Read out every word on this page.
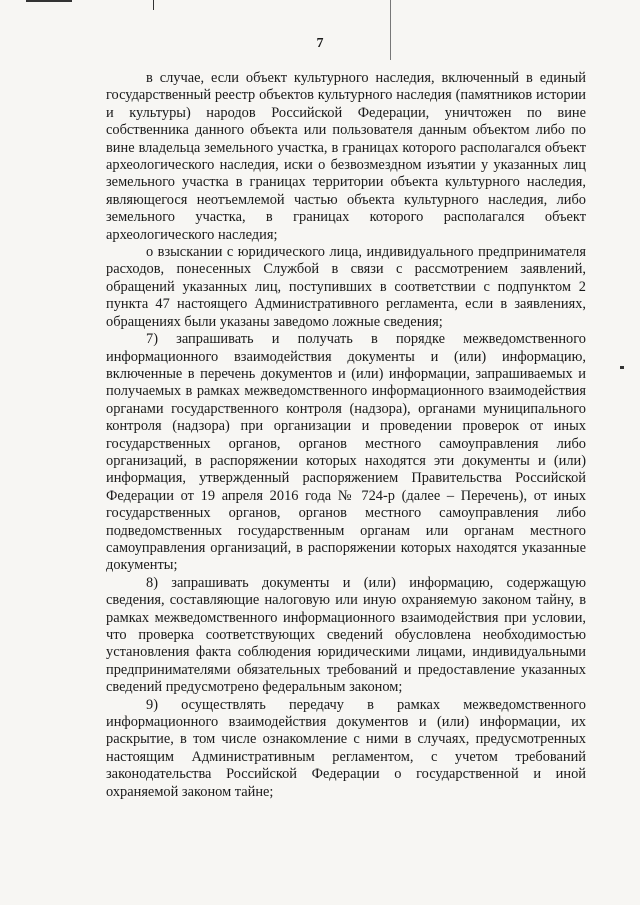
7

в случае, если объект культурного наследия, включенный в единый государственный реестр объектов культурного наследия (памятников истории и культуры) народов Российской Федерации, уничтожен по вине собственника данного объекта или пользователя данным объектом либо по вине владельца земельного участка, в границах которого располагался объект археологического наследия, иски о безвозмездном изъятии у указанных лиц земельного участка в границах территории объекта культурного наследия, являющегося неотъемлемой частью объекта культурного наследия, либо земельного участка, в границах которого располагался объект археологического наследия;

о взыскании с юридического лица, индивидуального предпринимателя расходов, понесенных Службой в связи с рассмотрением заявлений, обращений указанных лиц, поступивших в соответствии с подпунктом 2 пункта 47 настоящего Административного регламента, если в заявлениях, обращениях были указаны заведомо ложные сведения;

7) запрашивать и получать в порядке межведомственного информационного взаимодействия документы и (или) информацию, включенные в перечень документов и (или) информации, запрашиваемых и получаемых в рамках межведомственного информационного взаимодействия органами государственного контроля (надзора), органами муниципального контроля (надзора) при организации и проведении проверок от иных государственных органов, органов местного самоуправления либо организаций, в распоряжении которых находятся эти документы и (или) информация, утвержденный распоряжением Правительства Российской Федерации от 19 апреля 2016 года № 724-р (далее – Перечень), от иных государственных органов, органов местного самоуправления либо подведомственных государственным органам или органам местного самоуправления организаций, в распоряжении которых находятся указанные документы;

8) запрашивать документы и (или) информацию, содержащую сведения, составляющие налоговую или иную охраняемую законом тайну, в рамках межведомственного информационного взаимодействия при условии, что проверка соответствующих сведений обусловлена необходимостью установления факта соблюдения юридическими лицами, индивидуальными предпринимателями обязательных требований и предоставление указанных сведений предусмотрено федеральным законом;

9) осуществлять передачу в рамках межведомственного информационного взаимодействия документов и (или) информации, их раскрытие, в том числе ознакомление с ними в случаях, предусмотренных настоящим Административным регламентом, с учетом требований законодательства Российской Федерации о государственной и иной охраняемой законом тайне;
